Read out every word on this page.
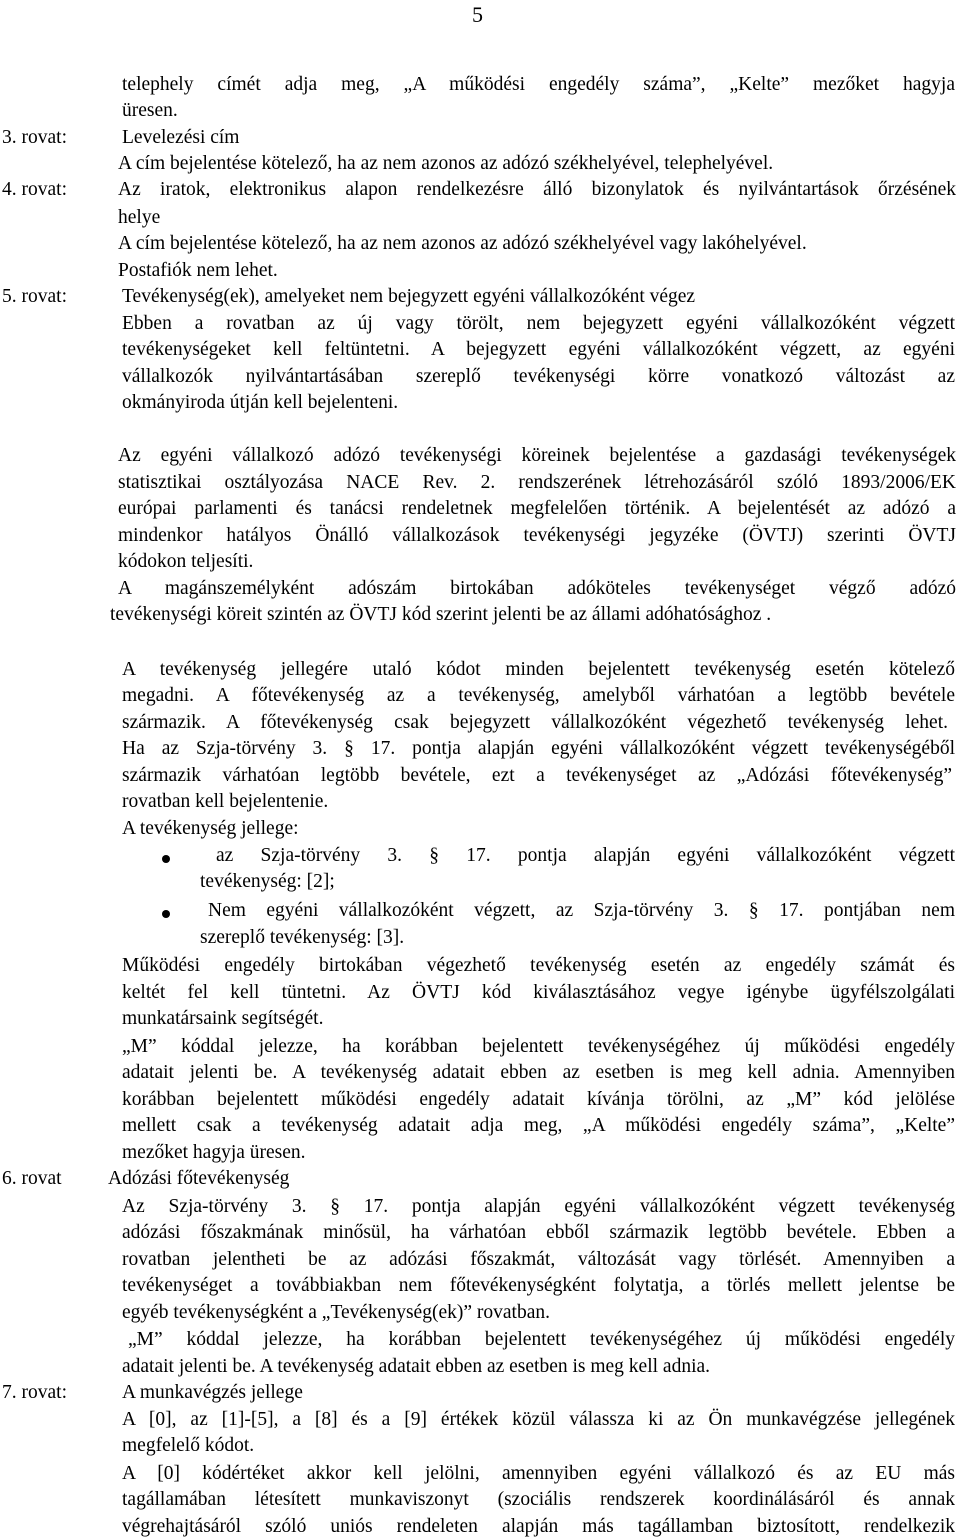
5
telephely címét adja meg, „A működési engedély száma”, „Kelte” mezőket hagyja
üresen.
3. rovat:	Levelezési cím
A cím bejelentése kötelező, ha az nem azonos az adózó székhelyével, telephelyével.
4. rovat:	Az iratok, elektronikus alapon rendelkezésre álló bizonylatok és nyilvántartások őrzésének
helye
A cím bejelentése kötelező, ha az nem azonos az adózó székhelyével vagy lakóhelyével.
Postafiók nem lehet.
5. rovat:	Tevékenység(ek), amelyeket nem bejegyzett egyéni vállalkozóként végez
Ebben a rovatban az új vagy törölt, nem bejegyzett egyéni vállalkozóként végzett
tevékenységeket kell feltüntetni. A bejegyzett egyéni vállalkozóként végzett, az egyéni
vállalkozók nyilvántartásában szereplő tevékenységi körre vonatkozó változást az
okmányiroda útján kell bejelenteni.
Az egyéni vállalkozó adózó tevékenységi köreinek bejelentése a gazdasági tevékenységek
statisztikai osztályozása NACE Rev. 2. rendszerének létrehozásáról szóló 1893/2006/EK
európai parlamenti és tanácsi rendeletnek megfelelően történik. A bejelentését az adózó a
mindenkor hatályos Önálló vállalkozások tevékenységi jegyzéke (ÖVTJ) szerinti ÖVTJ
kódokon teljesíti.
A magánszemélyként adószám birtokában adóköteles tevékenységet végző adózó
tevékenységi köreit szintén az ÖVTJ kód szerint jelenti be az állami adóhatósághoz .
A tevékenység jellegére utaló kódot minden bejelentett tevékenység esetén kötelező
megadni. A főtevékenység az a tevékenység, amelyből várhatóan a legtöbb bevétele
származik. A főtevékenység csak bejegyzett vállalkozóként végezhető tevékenység lehet.
Ha az Szja-törvény 3. § 17. pontja alapján egyéni vállalkozóként végzett tevékenységéből
származik várhatóan legtöbb bevétele, ezt a tevékenységet az „Adózási főtevékenység”
rovatban kell bejelentenie.
A tevékenység jellege:
az Szja-törvény 3. § 17. pontja alapján egyéni vállalkozóként végzett
tevékenység: [2];
Nem egyéni vállalkozóként végzett, az Szja-törvény 3. § 17. pontjában nem
szereplő tevékenység: [3].
Működési engedély birtokában végezhető tevékenység esetén az engedély számát és
keltét fel kell tüntetni. Az ÖVTJ kód kiválasztásához vegye igénybe ügyfélszolgálati
munkatársaink segítségét.
„M” kóddal jelezze, ha korábban bejelentett tevékenységéhez új működési engedély
adatait jelenti be. A tevékenység adatait ebben az esetben is meg kell adnia. Amennyiben
korábban bejelentett működési engedély adatait kívánja törölni, az „M” kód jelölése
mellett csak a tevékenység adatait adja meg, „A működési engedély száma”, „Kelte”
mezőket hagyja üresen.
6. rovat Adózási főtevékenység
Az Szja-törvény 3. § 17. pontja alapján egyéni vállalkozóként végzett tevékenység
adózási főszakmának minősül, ha várhatóan ebből származik legtöbb bevétele. Ebben a
rovatban jelentheti be az adózási főszakmát, változását vagy törlését. Amennyiben a
tevékenységet a továbbiakban nem főtevékenységként folytatja, a törlés mellett jelentse be
egyéb tevékenységként a „Tevékenység(ek)” rovatban.
„M” kóddal jelezze, ha korábban bejelentett tevékenységéhez új működési engedély
adatait jelenti be. A tevékenység adatait ebben az esetben is meg kell adnia.
7. rovat:	A munkavégzés jellege
A [0], az [1]-[5], a [8] és a [9] értékek közül válassza ki az Ön munkavégzése jellegének
megfelelő kódot.
A [0] kódértéket akkor kell jelölni, amennyiben egyéni vállalkozó és az EU más
tagállamában létesített munkaviszonyt (szociális rendszerek koordinálásáról és annak
végrehajtásáról szóló uniós rendeleten alapján más tagállamban biztosított, rendelkezik
